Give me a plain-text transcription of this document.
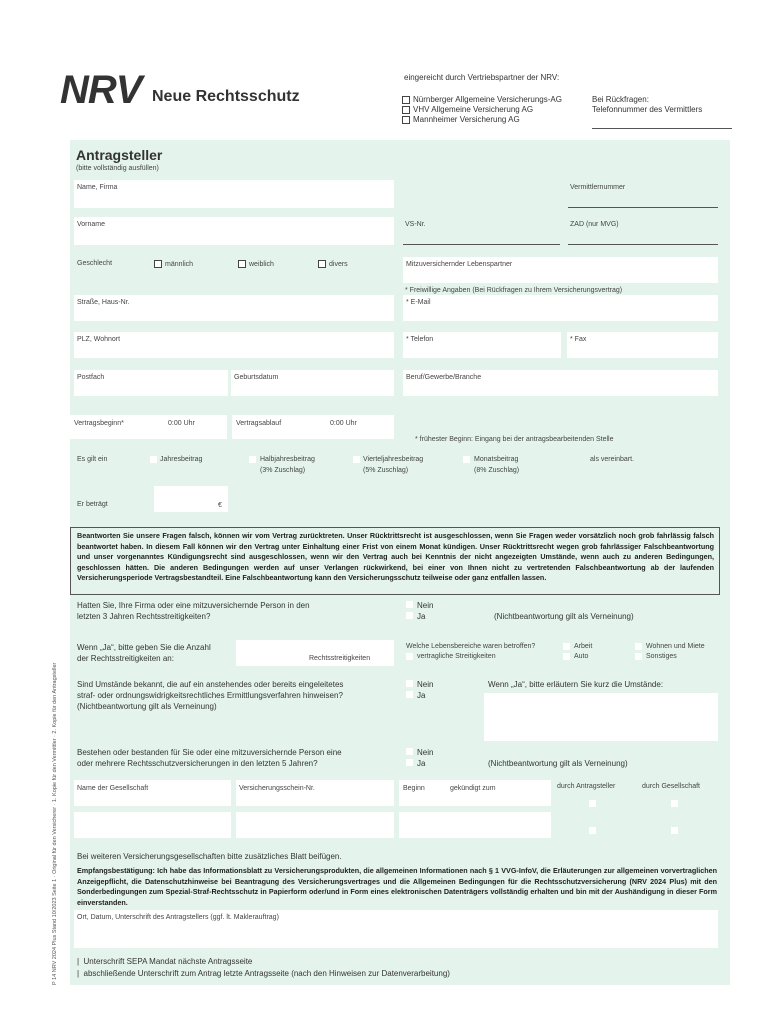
NRV Neue Rechtsschutz
eingereicht durch Vertriebspartner der NRV:
Nürnberger Allgemeine Versicherungs-AG
VHV Allgemeine Versicherung AG
Mannheimer Versicherung AG
Bei Rückfragen:
Telefonnummer des Vermittlers
Antragsteller
(bitte vollständig ausfüllen)
Name, Firma	Vermittlernummer
Vorname	VS-Nr.	ZAD (nur MVG)
Geschlecht	männlich	weiblich	divers	Mitzuversichernder Lebenspartner
* Freiwillige Angaben (Bei Rückfragen zu Ihrem Versicherungsvertrag)
Straße, Haus-Nr.	* E-Mail
PLZ, Wohnort	* Telefon	* Fax
Postfach	Geburtsdatum	Beruf/Gewerbe/Branche
Vertragsbeginn*	0:00 Uhr	Vertragsablauf	0:00 Uhr
* frühester Beginn: Eingang bei der antragsbearbeitenden Stelle
Es gilt ein	Jahresbeitrag	Halbjahresbeitrag
(3% Zuschlag)
Vierteljahresbeitrag
(5% Zuschlag)
Monatsbeitrag
(8% Zuschlag)
als vereinbart.
Er beträgt	€
Beantworten Sie unsere Fragen falsch, können wir vom Vertrag zurücktreten. Unser Rücktrittsrecht ist ausgeschlossen, wenn Sie Fragen weder vorsätzlich noch grob fahrlässig falsch beantwortet haben. In diesem Fall können wir den Vertrag unter Einhaltung einer Frist von einem Monat kündigen. Unser Rücktrittsrecht wegen grob fahrlässiger Falschbeantwortung und unser vorgenanntes Kündigungsrecht sind ausgeschlossen, wenn wir den Vertrag auch bei Kenntnis der nicht angezeigten Umstände, wenn auch zu anderen Bedingungen, geschlossen hätten. Die anderen Bedingungen werden auf unser Verlangen rückwirkend, bei einer von Ihnen nicht zu vertretenden Falschbeantwortung ab der laufenden Versicherungsperiode Vertragsbestandteil. Eine Falschbeantwortung kann den Versicherungsschutz teilweise oder ganz entfallen lassen.
Hatten Sie, Ihre Firma oder eine mitzuversichernde Person in den
letzten 3 Jahren Rechtsstreitigkeiten?
Nein
Ja	(Nichtbeantwortung gilt als Verneinung)
Wenn „Ja“, bitte geben Sie die Anzahl
der Rechtsstreitigkeiten an:	Rechtsstreitigkeiten
Welche Lebensbereiche waren betroffen?	Arbeit	Wohnen und Miete
vertragliche Streitigkeiten	Auto	Sonstiges
Sind Umstände bekannt, die auf ein anstehendes oder bereits eingeleitetes
straf- oder ordnungswidrigkeitsrechtliches Ermittlungsverfahren hinweisen?
(Nichtbeantwortung gilt als Verneinung)
Nein
Ja
Wenn „Ja“, bitte erläutern Sie kurz die Umstände:
Bestehen oder bestanden für Sie oder eine mitzuversichernde Person eine
oder mehrere Rechtsschutzversicherungen in den letzten 5 Jahren?
Nein
Ja	(Nichtbeantwortung gilt als Verneinung)
Name der Gesellschaft	Versicherungsschein-Nr.	Beginn	gekündigt zum	durch Antragsteller	durch Gesellschaft
Bei weiteren Versicherungsgesellschaften bitte zusätzliches Blatt beifügen.
Empfangsbestätigung: Ich habe das Informationsblatt zu Versicherungsprodukten, die allgemeinen Informationen nach § 1 VVG-InfoV, die Erläuterungen zur allgemeinen vorvertraglichen Anzeigepflicht, die Datenschutzhinweise bei Beantragung des Versicherungsvertrages und die Allgemeinen Bedingungen für die Rechtsschutzversicherung (NRV 2024 Plus) mit den Sonderbedingungen zum Spezial-Straf-Rechtsschutz in Papierform oder/und in Form eines elektronischen Datenträgers vollständig erhalten und bin mit der Aushändigung in dieser Form einverstanden.
Ort, Datum, Unterschrift des Antragstellers (ggf. lt. Maklerauftrag)
|  Unterschrift SEPA Mandat nächste Antragsseite
|  abschließende Unterschrift zum Antrag letzte Antragsseite (nach den Hinweisen zur Datenverarbeitung)
P 14 NRV 2024 Plus Stand 10/2023 Seite 1 · Original für den Versicherer · 1. Kopie für den Vermittler · 2. Kopie für den Antragsteller
